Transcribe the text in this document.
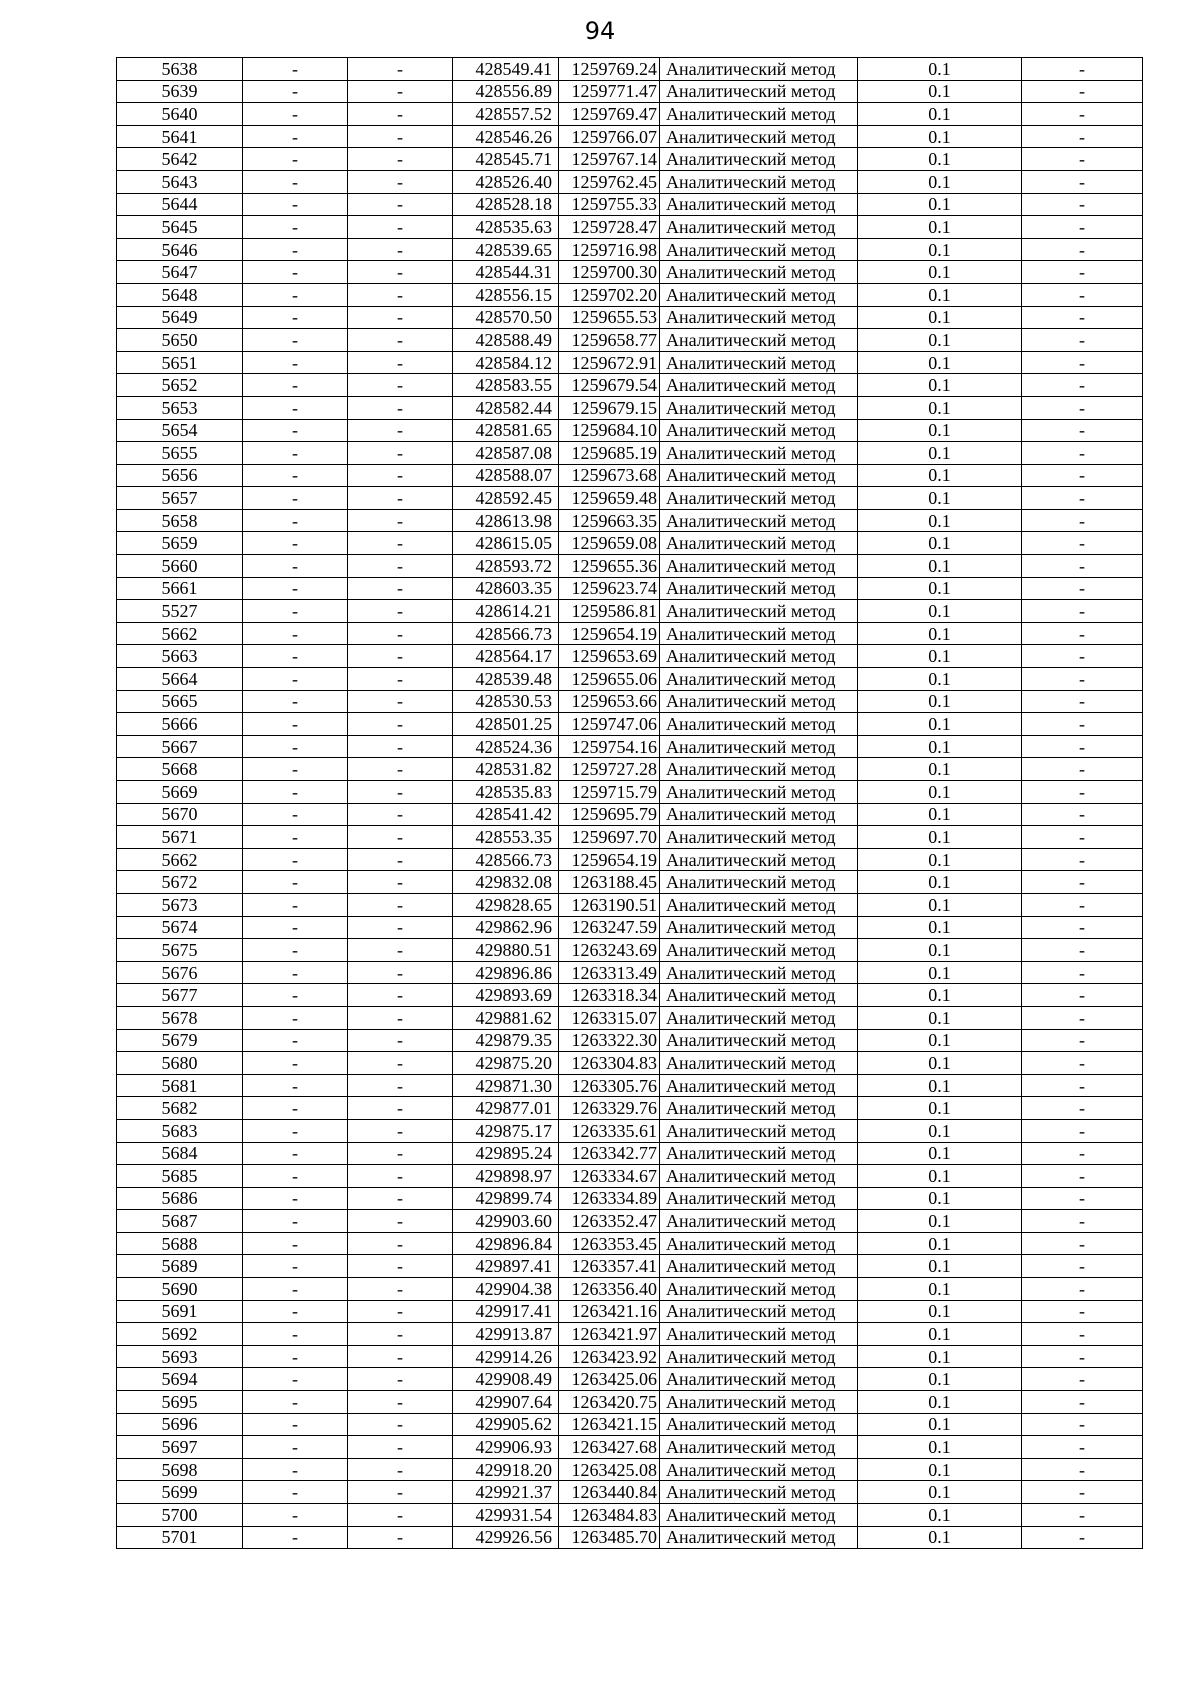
94
5638	-	-	428549.41	1259769.24	Аналитический метод	0.1	-
5639	-	-	428556.89	1259771.47	Аналитический метод	0.1	-
5640	-	-	428557.52	1259769.47	Аналитический метод	0.1	-
5641	-	-	428546.26	1259766.07	Аналитический метод	0.1	-
5642	-	-	428545.71	1259767.14	Аналитический метод	0.1	-
5643	-	-	428526.40	1259762.45	Аналитический метод	0.1	-
5644	-	-	428528.18	1259755.33	Аналитический метод	0.1	-
5645	-	-	428535.63	1259728.47	Аналитический метод	0.1	-
5646	-	-	428539.65	1259716.98	Аналитический метод	0.1	-
5647	-	-	428544.31	1259700.30	Аналитический метод	0.1	-
5648	-	-	428556.15	1259702.20	Аналитический метод	0.1	-
5649	-	-	428570.50	1259655.53	Аналитический метод	0.1	-
5650	-	-	428588.49	1259658.77	Аналитический метод	0.1	-
5651	-	-	428584.12	1259672.91	Аналитический метод	0.1	-
5652	-	-	428583.55	1259679.54	Аналитический метод	0.1	-
5653	-	-	428582.44	1259679.15	Аналитический метод	0.1	-
5654	-	-	428581.65	1259684.10	Аналитический метод	0.1	-
5655	-	-	428587.08	1259685.19	Аналитический метод	0.1	-
5656	-	-	428588.07	1259673.68	Аналитический метод	0.1	-
5657	-	-	428592.45	1259659.48	Аналитический метод	0.1	-
5658	-	-	428613.98	1259663.35	Аналитический метод	0.1	-
5659	-	-	428615.05	1259659.08	Аналитический метод	0.1	-
5660	-	-	428593.72	1259655.36	Аналитический метод	0.1	-
5661	-	-	428603.35	1259623.74	Аналитический метод	0.1	-
5527	-	-	428614.21	1259586.81	Аналитический метод	0.1	-
5662	-	-	428566.73	1259654.19	Аналитический метод	0.1	-
5663	-	-	428564.17	1259653.69	Аналитический метод	0.1	-
5664	-	-	428539.48	1259655.06	Аналитический метод	0.1	-
5665	-	-	428530.53	1259653.66	Аналитический метод	0.1	-
5666	-	-	428501.25	1259747.06	Аналитический метод	0.1	-
5667	-	-	428524.36	1259754.16	Аналитический метод	0.1	-
5668	-	-	428531.82	1259727.28	Аналитический метод	0.1	-
5669	-	-	428535.83	1259715.79	Аналитический метод	0.1	-
5670	-	-	428541.42	1259695.79	Аналитический метод	0.1	-
5671	-	-	428553.35	1259697.70	Аналитический метод	0.1	-
5662	-	-	428566.73	1259654.19	Аналитический метод	0.1	-
5672	-	-	429832.08	1263188.45	Аналитический метод	0.1	-
5673	-	-	429828.65	1263190.51	Аналитический метод	0.1	-
5674	-	-	429862.96	1263247.59	Аналитический метод	0.1	-
5675	-	-	429880.51	1263243.69	Аналитический метод	0.1	-
5676	-	-	429896.86	1263313.49	Аналитический метод	0.1	-
5677	-	-	429893.69	1263318.34	Аналитический метод	0.1	-
5678	-	-	429881.62	1263315.07	Аналитический метод	0.1	-
5679	-	-	429879.35	1263322.30	Аналитический метод	0.1	-
5680	-	-	429875.20	1263304.83	Аналитический метод	0.1	-
5681	-	-	429871.30	1263305.76	Аналитический метод	0.1	-
5682	-	-	429877.01	1263329.76	Аналитический метод	0.1	-
5683	-	-	429875.17	1263335.61	Аналитический метод	0.1	-
5684	-	-	429895.24	1263342.77	Аналитический метод	0.1	-
5685	-	-	429898.97	1263334.67	Аналитический метод	0.1	-
5686	-	-	429899.74	1263334.89	Аналитический метод	0.1	-
5687	-	-	429903.60	1263352.47	Аналитический метод	0.1	-
5688	-	-	429896.84	1263353.45	Аналитический метод	0.1	-
5689	-	-	429897.41	1263357.41	Аналитический метод	0.1	-
5690	-	-	429904.38	1263356.40	Аналитический метод	0.1	-
5691	-	-	429917.41	1263421.16	Аналитический метод	0.1	-
5692	-	-	429913.87	1263421.97	Аналитический метод	0.1	-
5693	-	-	429914.26	1263423.92	Аналитический метод	0.1	-
5694	-	-	429908.49	1263425.06	Аналитический метод	0.1	-
5695	-	-	429907.64	1263420.75	Аналитический метод	0.1	-
5696	-	-	429905.62	1263421.15	Аналитический метод	0.1	-
5697	-	-	429906.93	1263427.68	Аналитический метод	0.1	-
5698	-	-	429918.20	1263425.08	Аналитический метод	0.1	-
5699	-	-	429921.37	1263440.84	Аналитический метод	0.1	-
5700	-	-	429931.54	1263484.83	Аналитический метод	0.1	-
5701	-	-	429926.56	1263485.70	Аналитический метод	0.1	-
